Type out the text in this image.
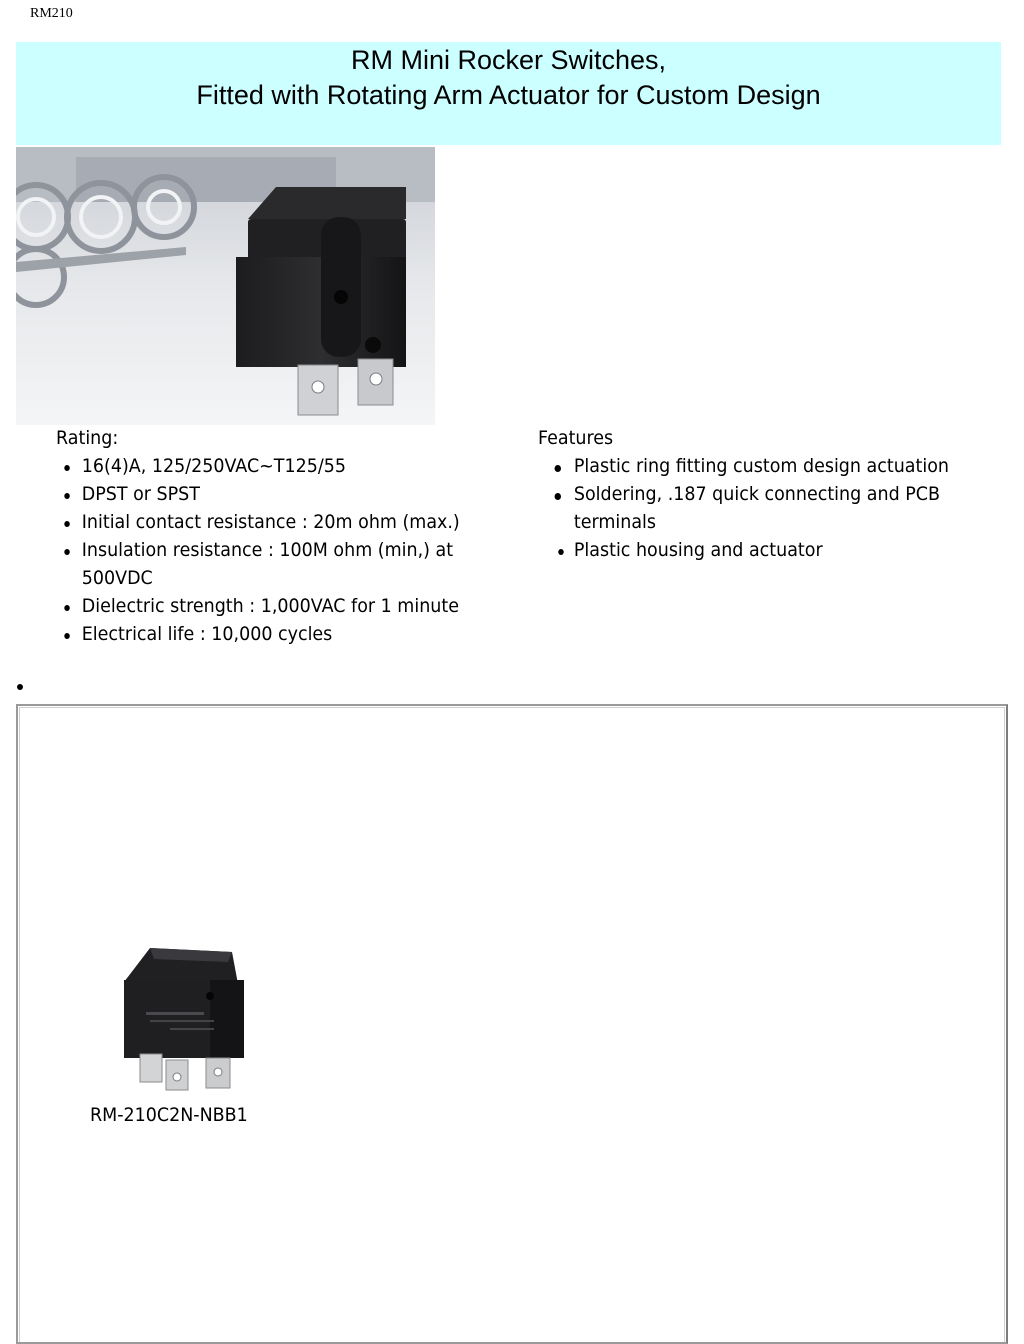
RM210
RM Mini Rocker Switches,
Fitted with Rotating Arm Actuator for Custom Design
Rating:
16(4)A, 125/250VAC~T125/55
DPST or SPST
Initial contact resistance : 20m ohm (max.)
Insulation resistance : 100M ohm (min,) at 500VDC
Dielectric strength : 1,000VAC for 1 minute
Electrical life : 10,000 cycles
Features
Plastic ring fitting custom design actuation
Soldering, .187 quick connecting and PCB terminals
Plastic housing and actuator
RM-210C2N-NBB1
